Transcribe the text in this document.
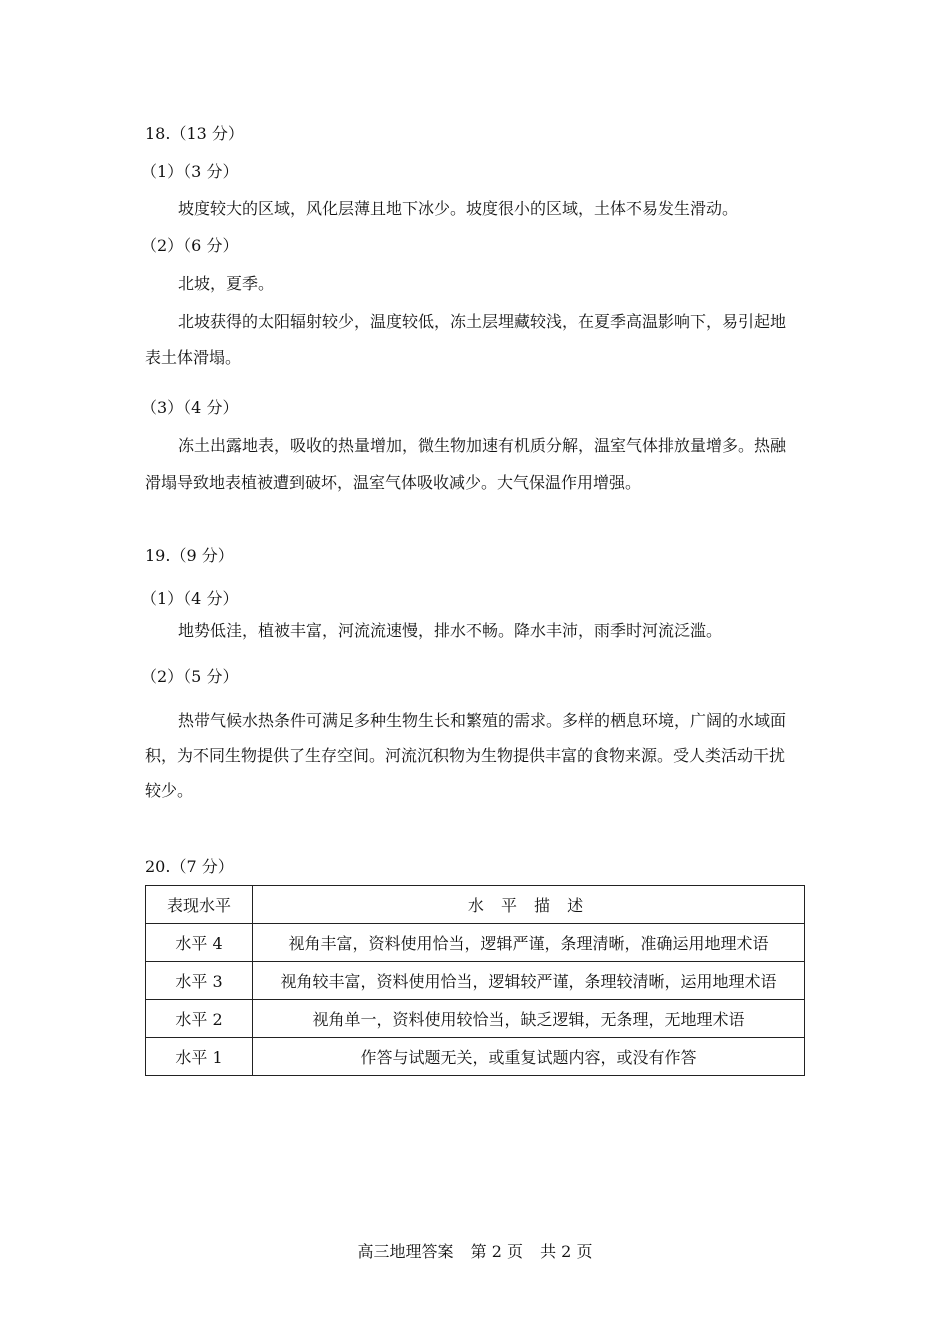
18.（13 分）
（1）（3 分）
坡度较大的区域，风化层薄且地下冰少。坡度很小的区域，土体不易发生滑动。
（2）（6 分）
北坡，夏季。
北坡获得的太阳辐射较少，温度较低，冻土层埋藏较浅，在夏季高温影响下，易引起地
表土体滑塌。
（3）（4 分）
冻土出露地表，吸收的热量增加，微生物加速有机质分解，温室气体排放量增多。热融
滑塌导致地表植被遭到破坏，温室气体吸收减少。大气保温作用增强。
19.（9 分）
（1）（4 分）
地势低洼，植被丰富，河流流速慢，排水不畅。降水丰沛，雨季时河流泛滥。
（2）（5 分）
热带气候水热条件可满足多种生物生长和繁殖的需求。多样的栖息环境，广阔的水域面
积，为不同生物提供了生存空间。河流沉积物为生物提供丰富的食物来源。受人类活动干扰
较少。
20.（7 分）
表现水平	水 平 描 述
水平 4	视角丰富，资料使用恰当，逻辑严谨，条理清晰，准确运用地理术语
水平 3	视角较丰富，资料使用恰当，逻辑较严谨，条理较清晰，运用地理术语
水平 2	视角单一，资料使用较恰当，缺乏逻辑，无条理，无地理术语
水平 1	作答与试题无关，或重复试题内容，或没有作答
高三地理答案 第 2 页 共 2 页
